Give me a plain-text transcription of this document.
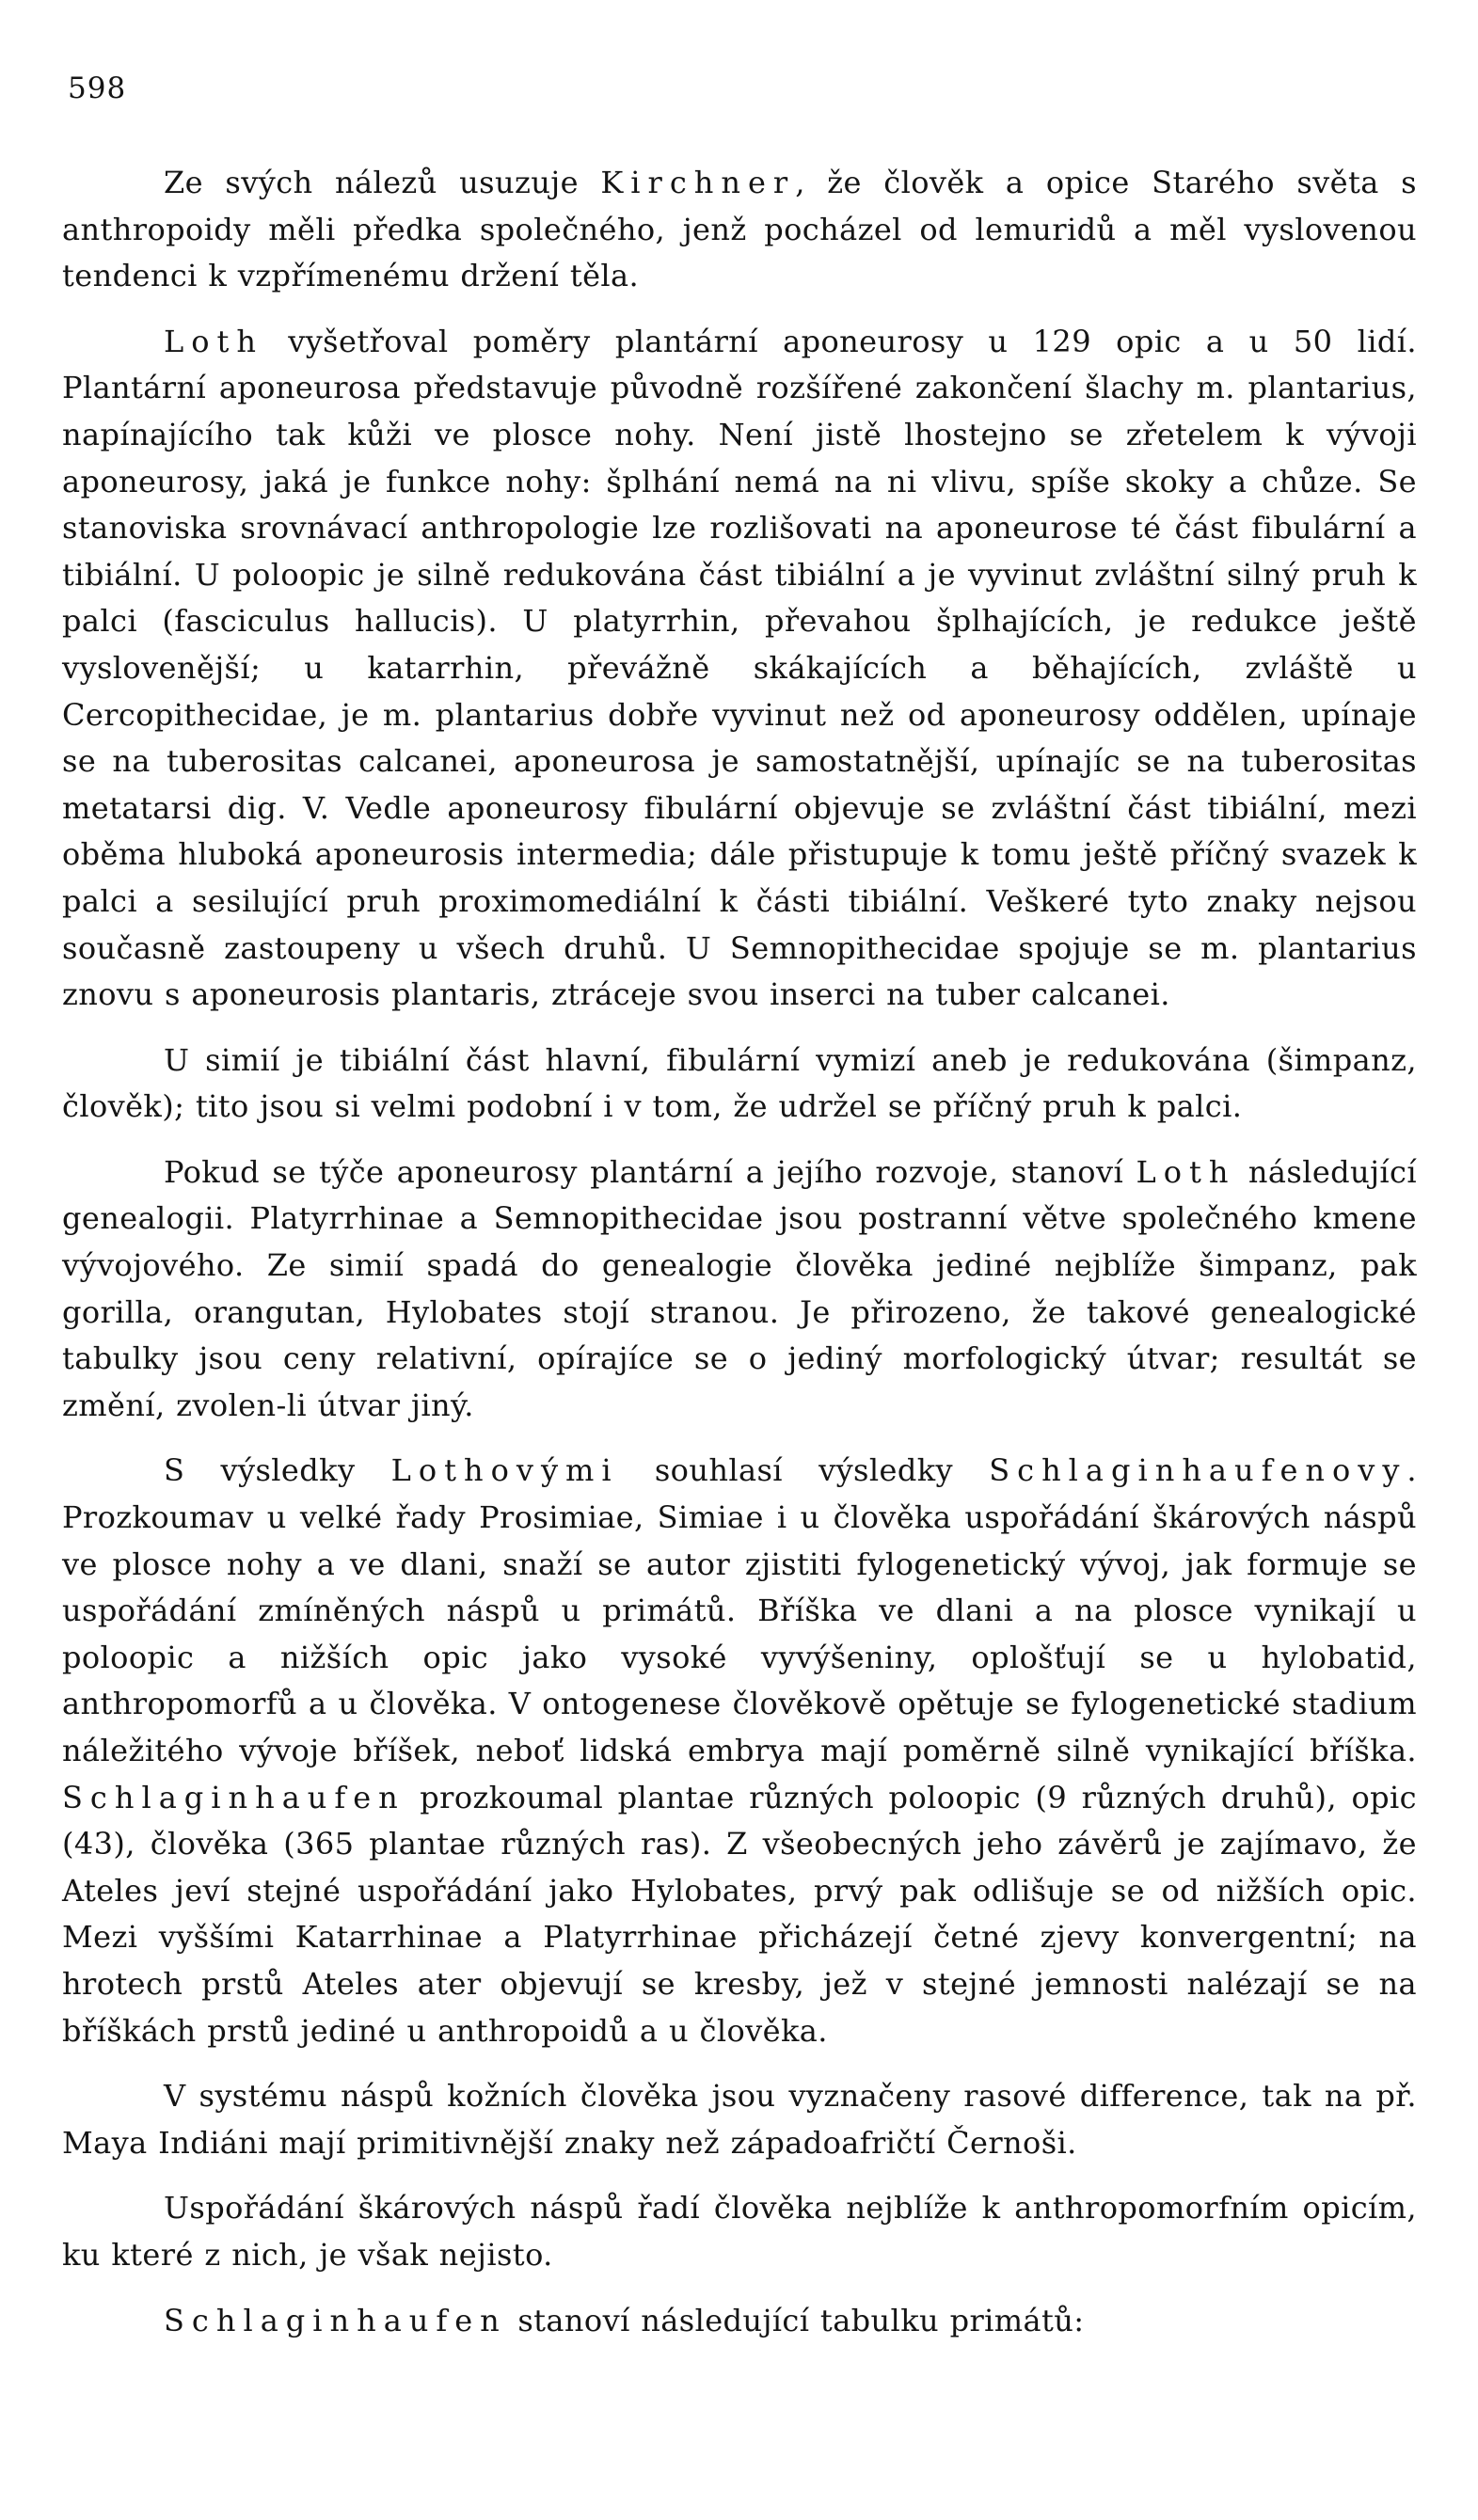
598

Ze svých nálezů usuzuje Kirchner, že člověk a opice Starého světa s anthropoidy měli předka společného, jenž pocházel od lemuridů a měl vyslovenou tendenci k vzpřímenému držení těla.

Loth vyšetřoval poměry plantární aponeurosy u 129 opic a u 50 lidí. Plantární aponeurosa představuje původně rozšířené zakončení šlachy m. plantarius, napínajícího tak kůži ve plosce nohy. Není jistě lhostejno se zřetelem k vývoji aponeurosy, jaká je funkce nohy: šplhání nemá na ni vlivu, spíše skoky a chůze. Se stanoviska srovnávací anthropologie lze rozlišovati na aponeurose té část fibulární a tibiální. U poloopic je silně redukována část tibiální a je vyvinut zvláštní silný pruh k palci (fasciculus hallucis). U platyrrhin, převahou šplhajících, je redukce ještě vyslovenější; u katarrhin, převážně skákajících a běhajících, zvláště u Cercopithecidae, je m. plantarius dobře vyvinut než od aponeurosy oddělen, upínaje se na tuberositas calcanei, aponeurosa je samostatnější, upínajíc se na tuberositas metatarsi dig. V. Vedle aponeurosy fibulární objevuje se zvláštní část tibiální, mezi oběma hluboká aponeurosis intermedia; dále přistupuje k tomu ještě příčný svazek k palci a sesilující pruh proximomediální k části tibiální. Veškeré tyto znaky nejsou současně zastoupeny u všech druhů. U Semnopithecidae spojuje se m. plantarius znovu s aponeurosis plantaris, ztráceje svou inserci na tuber calcanei.

U simií je tibiální část hlavní, fibulární vymizí aneb je redukována (šimpanz, člověk); tito jsou si velmi podobní i v tom, že udržel se příčný pruh k palci.

Pokud se týče aponeurosy plantární a jejího rozvoje, stanoví Loth následující genealogii. Platyrrhinae a Semnopithecidae jsou postranní větve společného kmene vývojového. Ze simií spadá do genealogie člověka jediné nejblíže šimpanz, pak gorilla, orangutan, Hylobates stojí stranou. Je přirozeno, že takové genealogické tabulky jsou ceny relativní, opírajíce se o jediný morfologický útvar; resultát se změní, zvolen-li útvar jiný.

S výsledky Lothovými souhlasí výsledky Schlaginhaufenovy. Prozkoumav u velké řady Prosimiae, Simiae i u člověka uspořádání škárových náspů ve plosce nohy a ve dlani, snaží se autor zjistiti fylogenetický vývoj, jak formuje se uspořádání zmíněných náspů u primátů. Bříška ve dlani a na plosce vynikají u poloopic a nižších opic jako vysoké vyvýšeniny, oplošťují se u hylobatid, anthropomorfů a u člověka. V ontogenese člověkově opětuje se fylogenetické stadium náležitého vývoje bříšek, neboť lidská embrya mají poměrně silně vynikající bříška. Schlaginhaufen prozkoumal plantae různých poloopic (9 různých druhů), opic (43), člověka (365 plantae různých ras). Z všeobecných jeho závěrů je zajímavo, že Ateles jeví stejné uspořádání jako Hylobates, prvý pak odlišuje se od nižších opic. Mezi vyššími Katarrhinae a Platyrrhinae přicházejí četné zjevy konvergentní; na hrotech prstů Ateles ater objevují se kresby, jež v stejné jemnosti nalézají se na bříškách prstů jediné u anthropoidů a u člověka.

V systému náspů kožních člověka jsou vyznačeny rasové differencе, tak na př. Maya Indiáni mají primitivnější znaky než západoafričtí Černoši.

Uspořádání škárových náspů řadí člověka nejblíže k anthropomorfním opicím, ku které z nich, je však nejisto.

Schlaginhaufen stanoví následující tabulku primátů:
